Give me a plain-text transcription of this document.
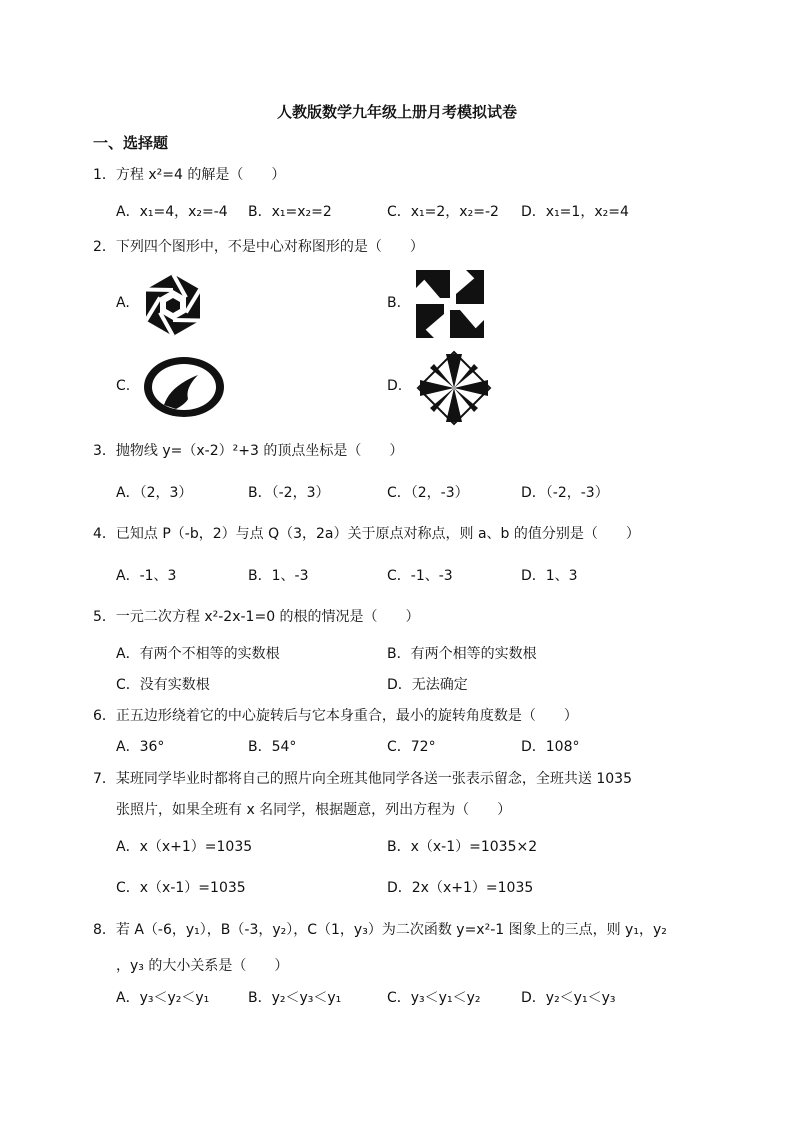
人教版数学九年级上册月考模拟试卷
一、选择题
1．方程 x²=4 的解是（　　）
A．x₁=4，x₂=-4 B．x₁=x₂=2	C．x₁=2，x₂=-2 D．x₁=1，x₂=4
2．下列四个图形中，不是中心对称图形的是（　　）
A.	B.
C.	D.
3．抛物线 y=（x-2）²+3 的顶点坐标是（　　）
A．（2，3）	B．（-2，3）	C．（2，-3）	D．（-2，-3）
4．已知点 P（-b，2）与点 Q（3，2a）关于原点对称点，则 a、b 的值分别是（　　）
A．-1、3	B．1、-3	C．-1、-3	D．1、3
5．一元二次方程 x²-2x-1=0 的根的情况是（　　）
A．有两个不相等的实数根	B．有两个相等的实数根
C．没有实数根	D．无法确定
6．正五边形绕着它的中心旋转后与它本身重合，最小的旋转角度数是（　　）
A．36°	B．54°	C．72°	D．108°
7．某班同学毕业时都将自己的照片向全班其他同学各送一张表示留念，全班共送 1035
张照片，如果全班有 x 名同学，根据题意，列出方程为（　　）
A．x（x+1）=1035	B．x（x-1）=1035×2
C．x（x-1）=1035	D．2x（x+1）=1035
8．若 A（-6，y₁），B（-3，y₂），C（1，y₃）为二次函数 y=x²-1 图象上的三点，则 y₁，y₂
，y₃ 的大小关系是（　　）
A．y₃＜y₂＜y₁	B．y₂＜y₃＜y₁	C．y₃＜y₁＜y₂	D．y₂＜y₁＜y₃
